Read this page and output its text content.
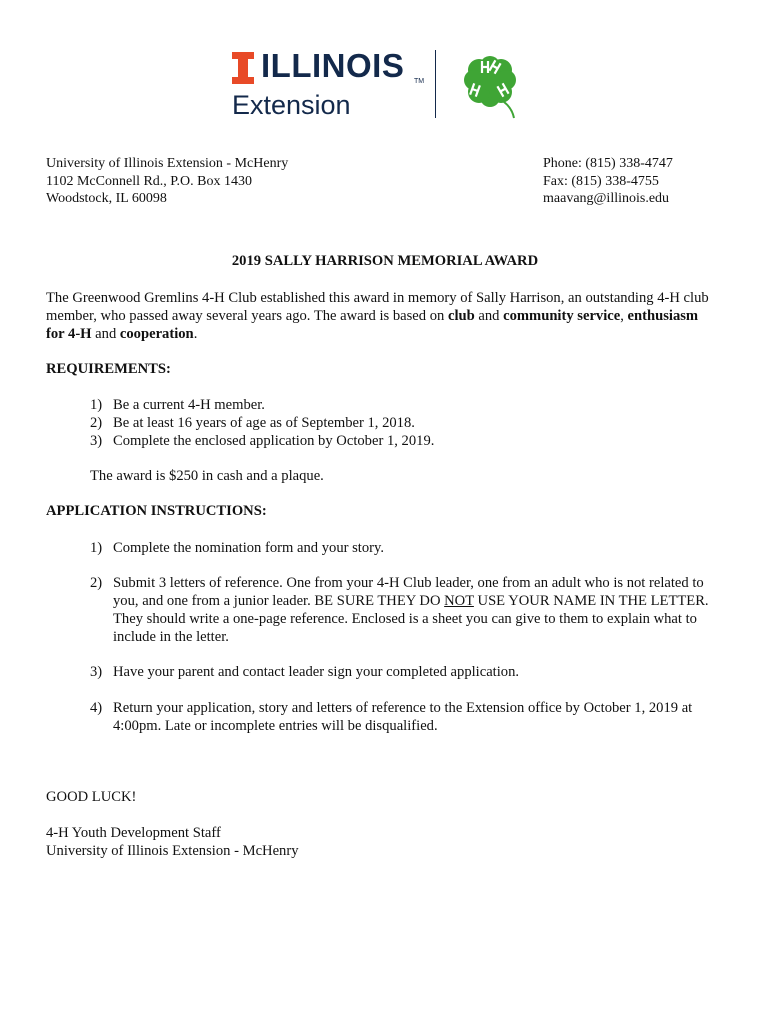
ILLINOIS TM
Extension
University of Illinois Extension - McHenry
1102 McConnell Rd., P.O. Box 1430
Woodstock, IL 60098
Phone: (815) 338-4747
Fax: (815) 338-4755
maavang@illinois.edu
2019 SALLY HARRISON MEMORIAL AWARD
The Greenwood Gremlins 4-H Club established this award in memory of Sally Harrison, an outstanding 4-H club member, who passed away several years ago. The award is based on club and community service, enthusiasm for 4-H and cooperation.
REQUIREMENTS:
1) Be a current 4-H member.
2) Be at least 16 years of age as of September 1, 2018.
3) Complete the enclosed application by October 1, 2019.
The award is $250 in cash and a plaque.
APPLICATION INSTRUCTIONS:
1) Complete the nomination form and your story.
2) Submit 3 letters of reference. One from your 4-H Club leader, one from an adult who is not related to you, and one from a junior leader. BE SURE THEY DO NOT USE YOUR NAME IN THE LETTER. They should write a one-page reference. Enclosed is a sheet you can give to them to explain what to include in the letter.
3) Have your parent and contact leader sign your completed application.
4) Return your application, story and letters of reference to the Extension office by October 1, 2019 at 4:00pm. Late or incomplete entries will be disqualified.
GOOD LUCK!
4-H Youth Development Staff
University of Illinois Extension - McHenry
